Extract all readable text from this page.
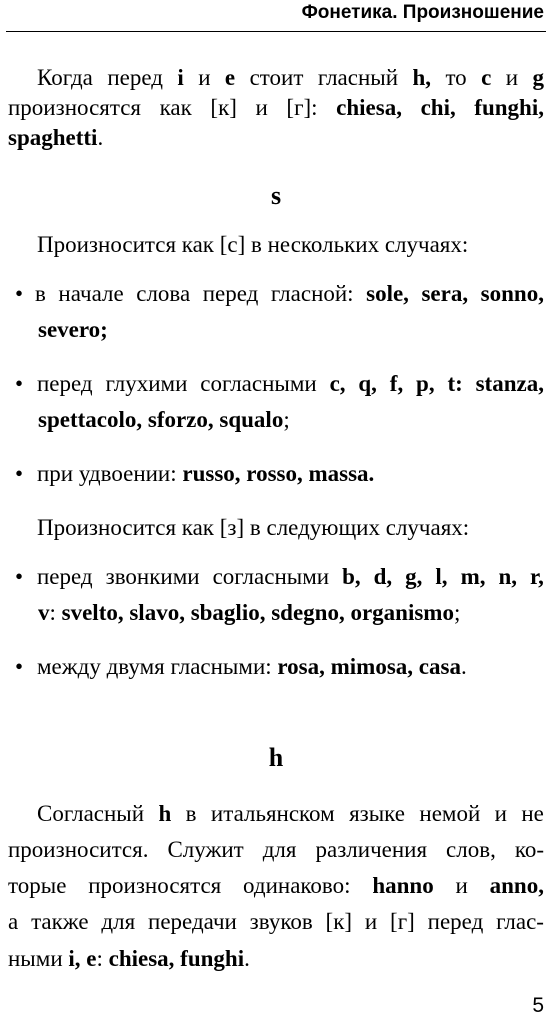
Фонетика. Произношение
Когда перед i и e стоит гласный h, то c и g
произносятся как [к] и [г]: chiesa, chi, funghi,
spaghetti.
s
Произносится как [с] в нескольких случаях:
• в начале слова перед гласной: sole, sera, sonno,
severo;
• перед глухими согласными c, q, f, p, t: stanza,
spettacolo, sforzo, squalo;
• при удвоении: russo, rosso, massa.
Произносится как [з] в следующих случаях:
• перед звонкими согласными b, d, g, l, m, n, r,
v: svelto, slavo, sbaglio, sdegno, organismo;
• между двумя гласными: rosa, mimosa, casa.
h
Согласный h в итальянском языке немой и не
произносится. Служит для различения слов, ко-
торые произносятся одинаково: hanno и anno,
а также для передачи звуков [к] и [г] перед глас-
ными i, e: chiesa, funghi.
5
